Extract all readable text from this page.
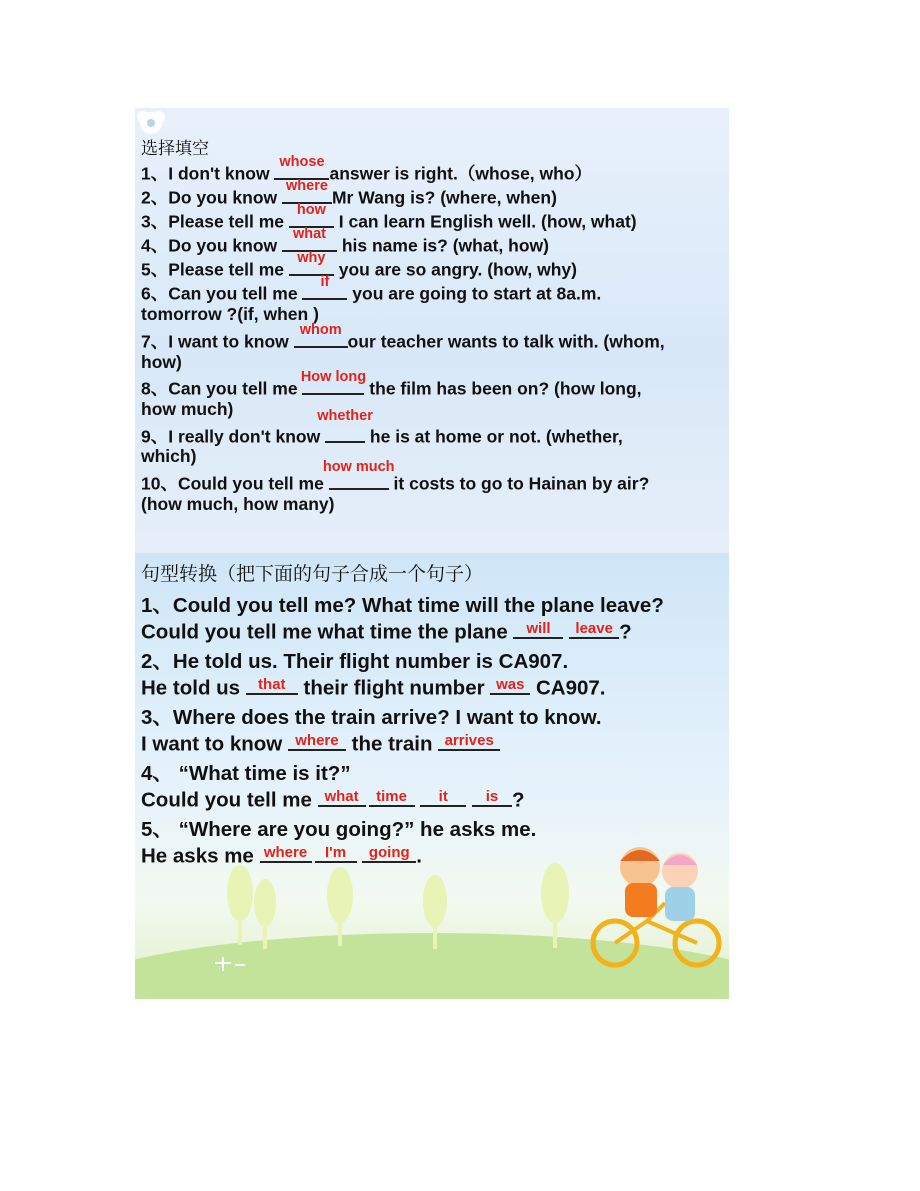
选择填空
1、I don't know
whose
answer is right.（whose, who）
2、Do you know
where
Mr Wang is? (where, when)
3、Please tell me
how
I can learn English well. (how, what)
4、Do you know
what
his name is? (what, how)
5、Please tell me
why
you are so angry. (how, why)
6、Can you tell me
if
you are going to start at 8a.m.
tomorrow ?(if, when )
7、I want to know
whom
our teacher wants to talk with. (whom,
how)
8、Can you tell me
How long
the film has been on? (how long,
how much)
9、I really don't know
whether
he is at home or not. (whether,
which)
10、Could you tell me
how much
it costs to go to Hainan by air?
(how much, how many)
句型转换（把下面的句子合成一个句子）
1、Could you tell me? What time will the plane leave?
Could you tell me what time the plane will
leave ?
2、He told us. Their flight number is CA907.
He told us that their flight number was CA907.
3、Where does the train arrive? I want to know.
I want to know where the train arrives
4、 “What time is it?”
Could you tell me what time
it
	is ?
5、 “Where are you going?” he asks me.
He asks me where I'm
going .
